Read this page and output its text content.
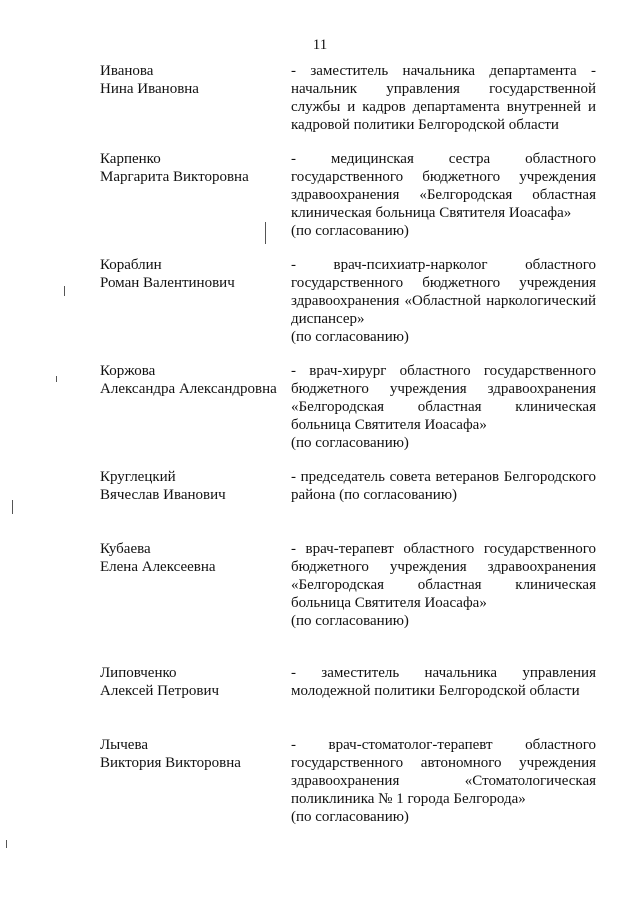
11
Иванова
Нина Ивановна
- заместитель начальника департамента - начальник управления государственной службы и кадров департамента внутренней и кадровой политики Белгородской области
Карпенко
Маргарита Викторовна
- медицинская сестра областного государственного бюджетного учреждения здравоохранения «Белгородская областная клиническая больница Святителя Иоасафа»
(по согласованию)
Кораблин
Роман Валентинович
- врач-психиатр-нарколог областного государственного бюджетного учреждения здравоохранения «Областной наркологический диспансер»
(по согласованию)
Коржова
Александра Александровна
- врач-хирург областного государственного бюджетного учреждения здравоохранения «Белгородская областная клиническая больница Святителя Иоасафа»
(по согласованию)
Круглецкий
Вячеслав Иванович
- председатель совета ветеранов Белгородского района (по согласованию)
Кубаева
Елена Алексеевна
- врач-терапевт областного государственного бюджетного учреждения здравоохранения «Белгородская областная клиническая больница Святителя Иоасафа»
(по согласованию)
Липовченко
Алексей Петрович
- заместитель начальника управления молодежной политики Белгородской области
Лычева
Виктория Викторовна
- врач-стоматолог-терапевт областного государственного автономного учреждения здравоохранения «Стоматологическая поликлиника № 1 города Белгорода»
(по согласованию)
